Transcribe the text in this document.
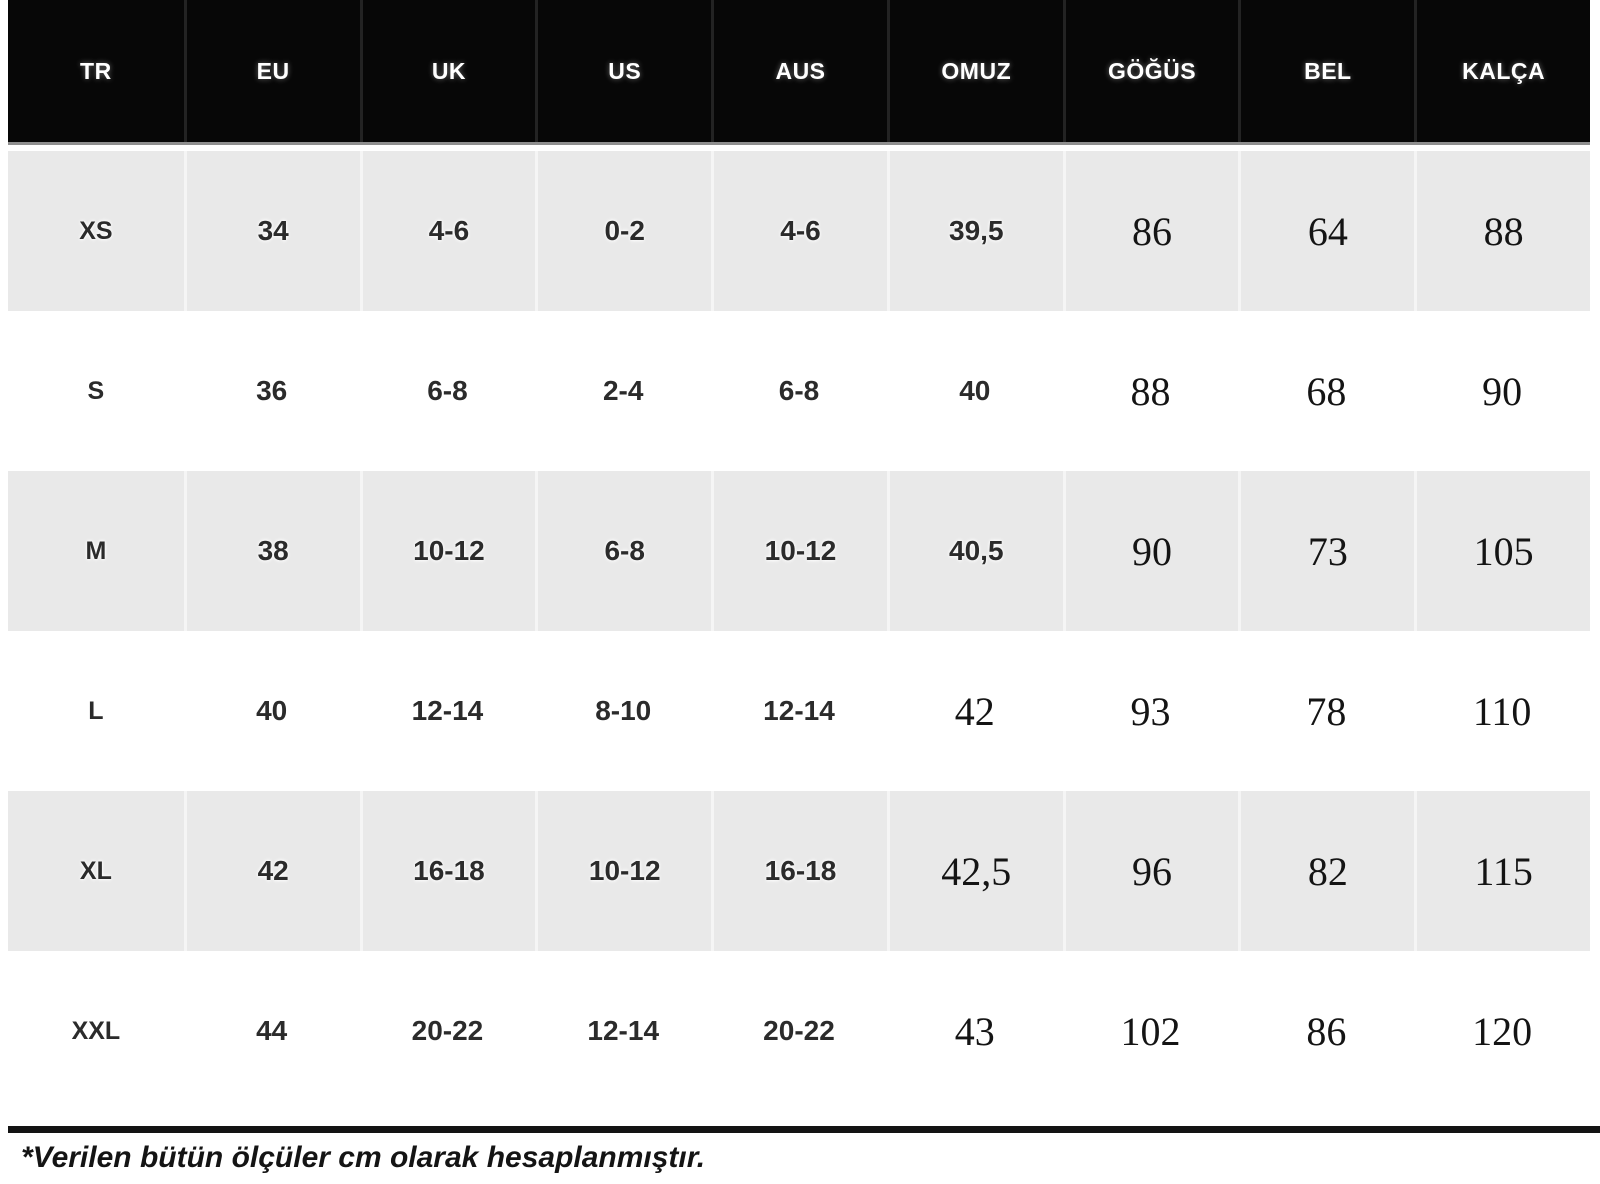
TR	EU	UK	US	AUS	OMUZ	GÖĞÜS	BEL	KALÇA
XS	34	4-6	0-2	4-6	39,5	86	64	88
S	36	6-8	2-4	6-8	40	88	68	90
M	38	10-12	6-8	10-12	40,5	90	73	105
L	40	12-14	8-10	12-14	42	93	78	110
XL	42	16-18	10-12	16-18	42,5	96	82	115
XXL	44	20-22	12-14	20-22	43	102	86	120
*Verilen bütün ölçüler cm olarak hesaplanmıştır.
